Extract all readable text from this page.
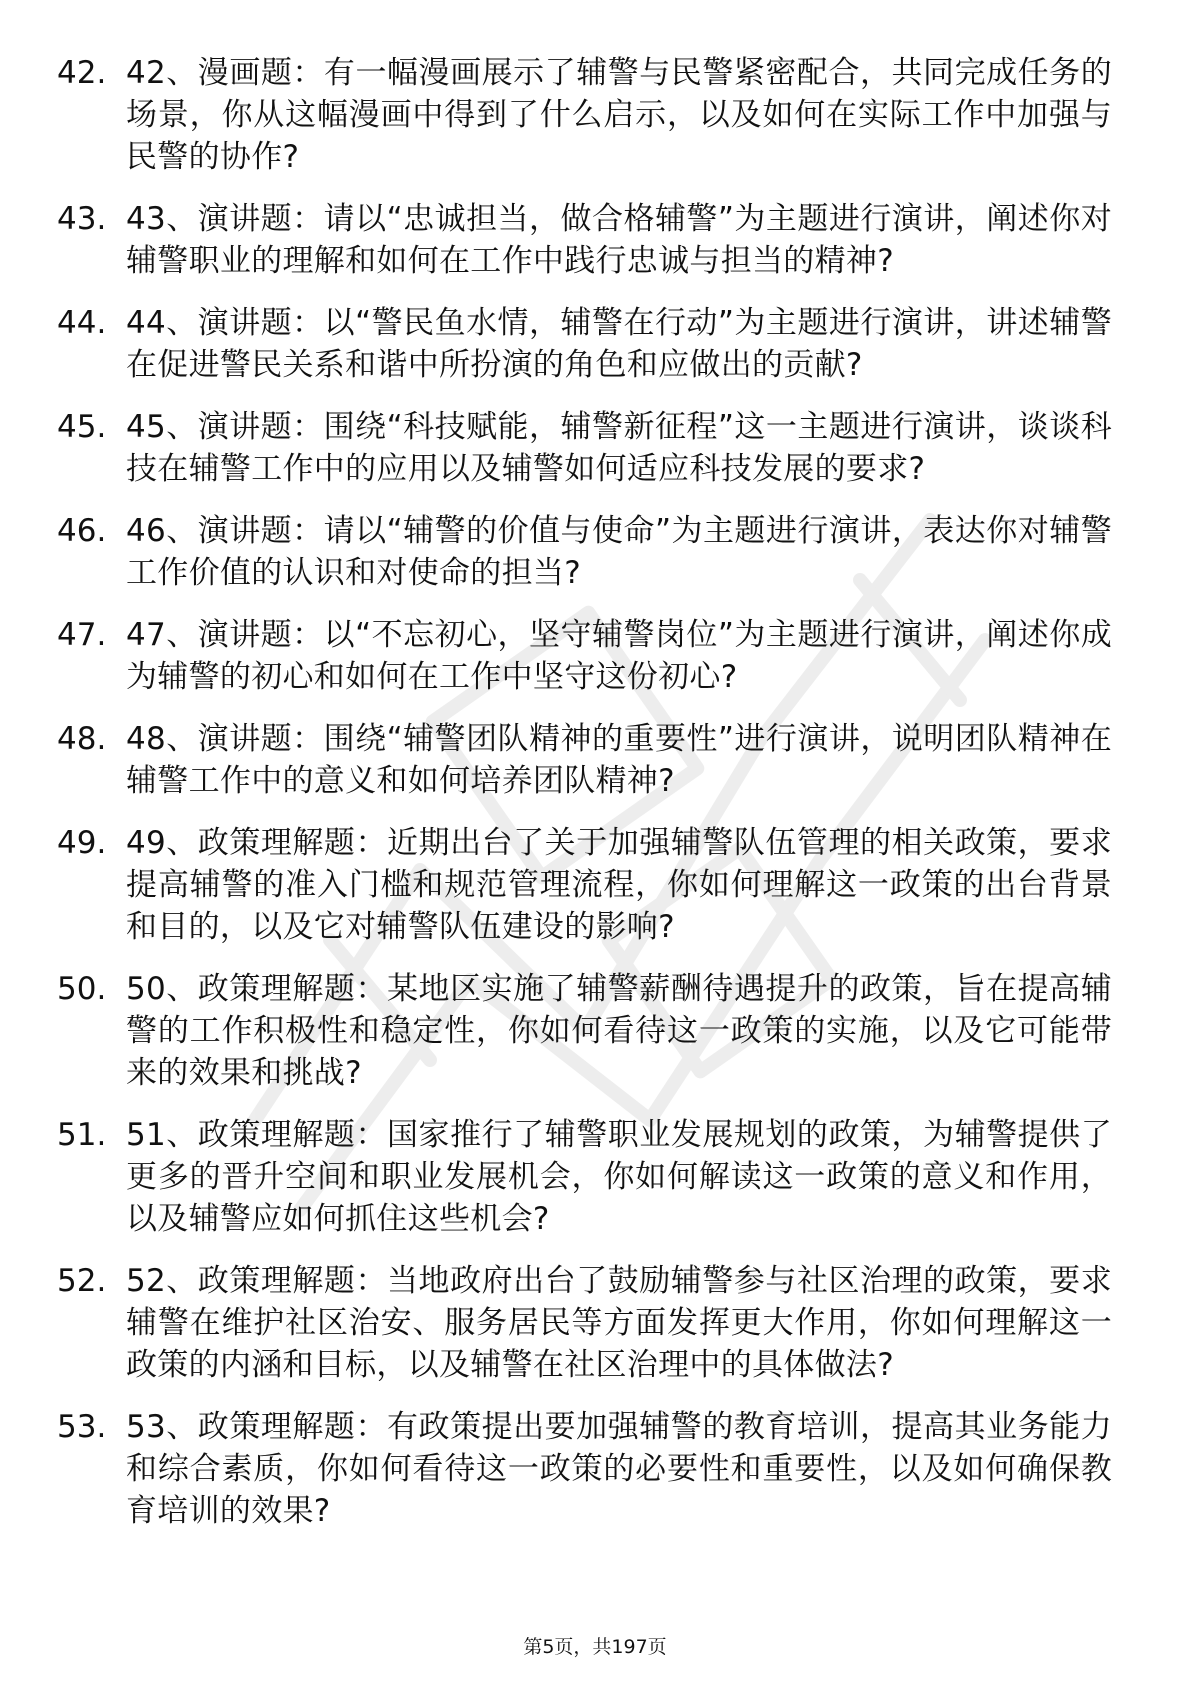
42. 42、漫画题：有一幅漫画展示了辅警与民警紧密配合，共同完成任务的场景，你从这幅漫画中得到了什么启示，以及如何在实际工作中加强与民警的协作?
43. 43、演讲题：请以“忠诚担当，做合格辅警”为主题进行演讲，阐述你对辅警职业的理解和如何在工作中践行忠诚与担当的精神?
44. 44、演讲题：以“警民鱼水情，辅警在行动”为主题进行演讲，讲述辅警在促进警民关系和谐中所扮演的角色和应做出的贡献?
45. 45、演讲题：围绕“科技赋能，辅警新征程”这一主题进行演讲，谈谈科技在辅警工作中的应用以及辅警如何适应科技发展的要求?
46. 46、演讲题：请以“辅警的价值与使命”为主题进行演讲，表达你对辅警工作价值的认识和对使命的担当?
47. 47、演讲题：以“不忘初心，坚守辅警岗位”为主题进行演讲，阐述你成为辅警的初心和如何在工作中坚守这份初心?
48. 48、演讲题：围绕“辅警团队精神的重要性”进行演讲，说明团队精神在辅警工作中的意义和如何培养团队精神?
49. 49、政策理解题：近期出台了关于加强辅警队伍管理的相关政策，要求提高辅警的准入门槛和规范管理流程，你如何理解这一政策的出台背景和目的，以及它对辅警队伍建设的影响?
50. 50、政策理解题：某地区实施了辅警薪酬待遇提升的政策，旨在提高辅警的工作积极性和稳定性，你如何看待这一政策的实施，以及它可能带来的效果和挑战?
51. 51、政策理解题：国家推行了辅警职业发展规划的政策，为辅警提供了更多的晋升空间和职业发展机会，你如何解读这一政策的意义和作用，以及辅警应如何抓住这些机会?
52. 52、政策理解题：当地政府出台了鼓励辅警参与社区治理的政策，要求辅警在维护社区治安、服务居民等方面发挥更大作用，你如何理解这一政策的内涵和目标，以及辅警在社区治理中的具体做法?
53. 53、政策理解题：有政策提出要加强辅警的教育培训，提高其业务能力和综合素质，你如何看待这一政策的必要性和重要性，以及如何确保教育培训的效果?
第5页，共197页
